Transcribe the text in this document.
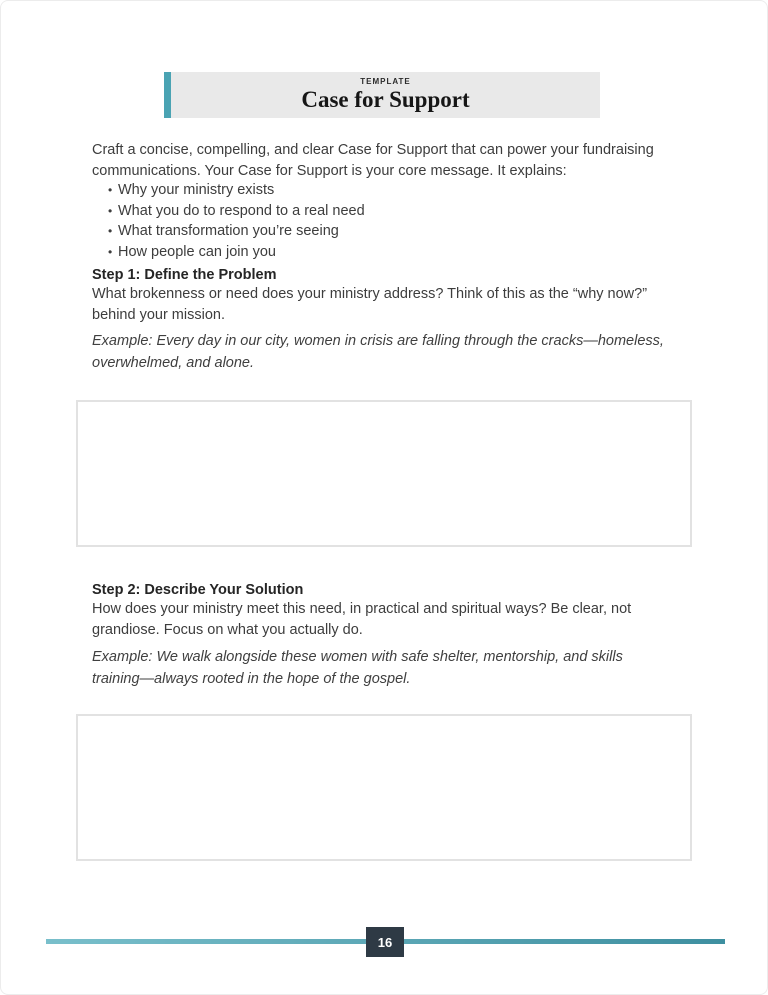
TEMPLATE
Case for Support
Craft a concise, compelling, and clear Case for Support that can power your fundraising communications. Your Case for Support is your core message. It explains:
• Why your ministry exists
• What you do to respond to a real need
• What transformation you’re seeing
• How people can join you
Step 1: Define the Problem
What brokenness or need does your ministry address? Think of this as the “why now?” behind your mission.
Example: Every day in our city, women in crisis are falling through the cracks—homeless, overwhelmed, and alone.
Step 2: Describe Your Solution
How does your ministry meet this need, in practical and spiritual ways? Be clear, not grandiose. Focus on what you actually do.
Example: We walk alongside these women with safe shelter, mentorship, and skills training—always rooted in the hope of the gospel.
16
